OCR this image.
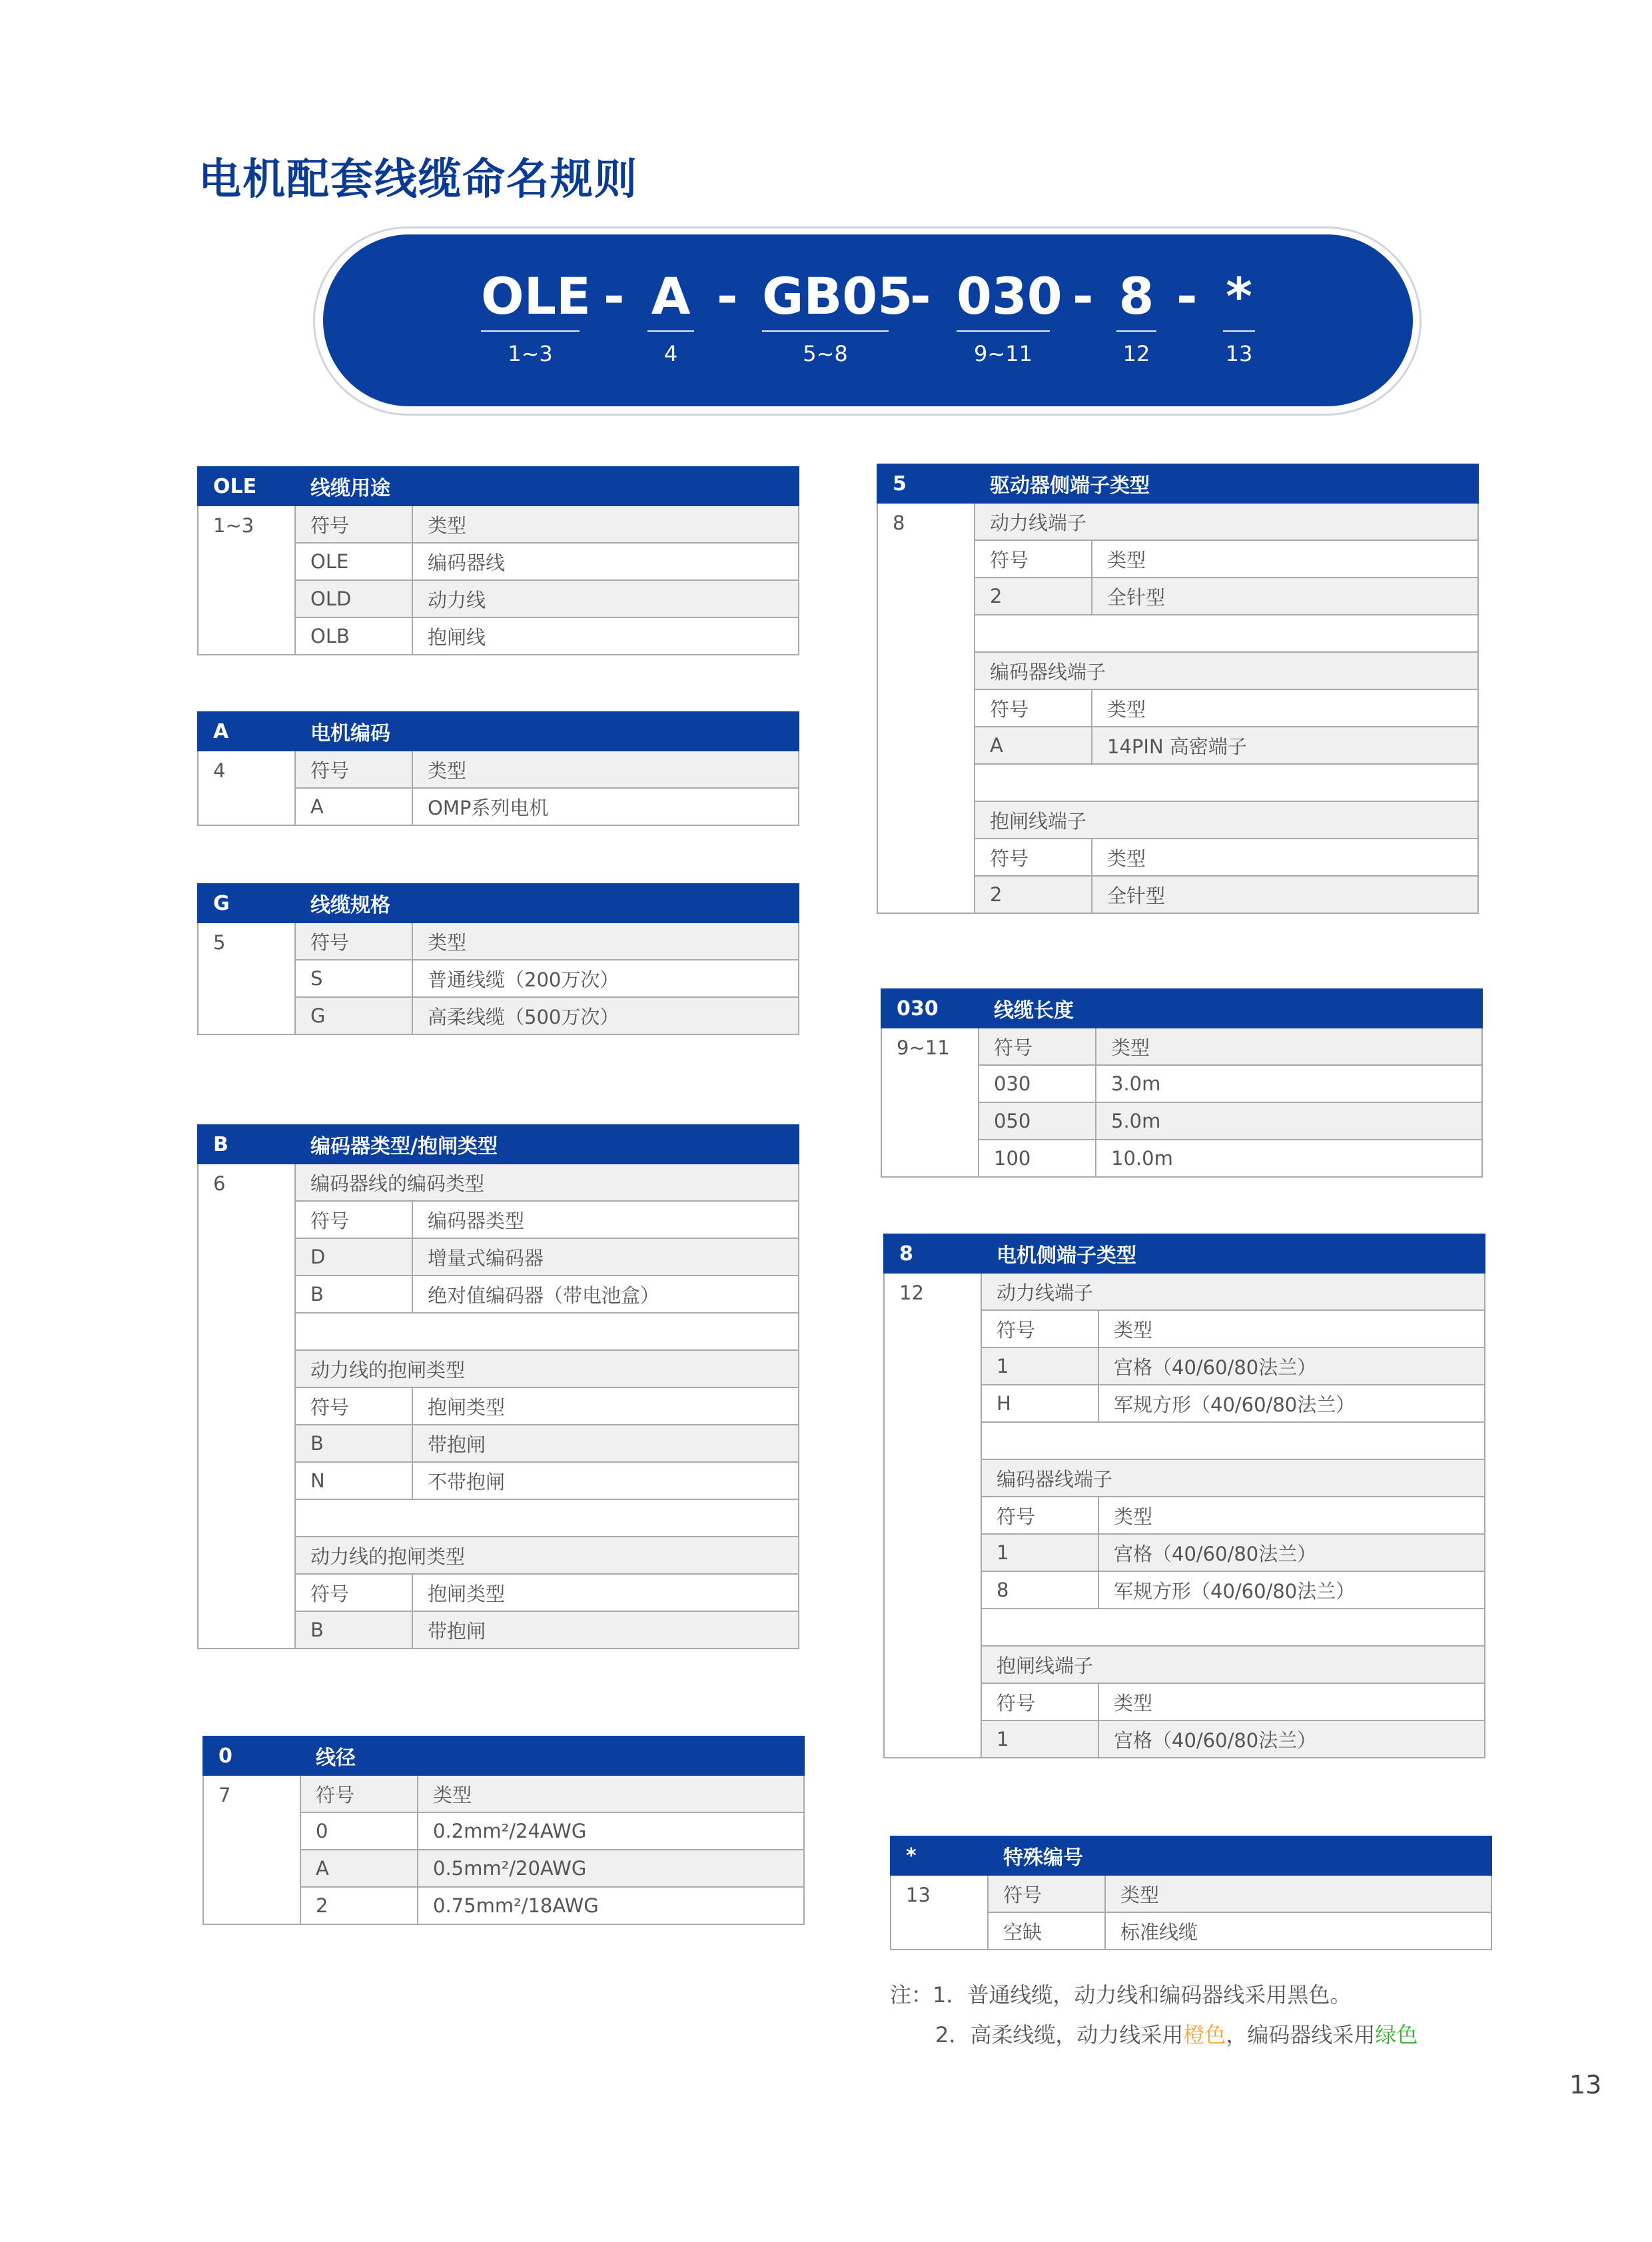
电机配套线缆命名规则
OLE
1~3
- A
4
- GB05
5~8
- 030
9~11
- 8
12
- *
13
OLE	线缆用途	
1~3	符号	类型
	OLE	编码器线
	OLD	动力线
	OLB	抱闸线
A	电机编码	
4	符号	类型
	A	OMP系列电机
G	线缆规格	
5	符号	类型
	S	普通线缆（200万次）
	G	高柔线缆（500万次）
B	编码器类型/抱闸类型	
6	编码器线的编码类型	
	符号	编码器类型
	D	增量式编码器
	B	绝对值编码器（带电池盒）

	动力线的抱闸类型	
	符号	抱闸类型
	B	带抱闸
	N	不带抱闸

	动力线的抱闸类型	
	符号	抱闸类型
	B	带抱闸
0	线径	
7	符号	类型
	0	0.2mm²/24AWG
	A	0.5mm²/20AWG
	2	0.75mm²/18AWG
5	驱动器侧端子类型	
8	动力线端子	
	符号	类型
	2	全针型

	编码器线端子	
	符号	类型
	A	14PIN 高密端子

	抱闸线端子	
	符号	类型
	2	全针型
030	线缆长度	
9~11	符号	类型
	030	3.0m
	050	5.0m
	100	10.0m
8	电机侧端子类型	
12	动力线端子	
	符号	类型
	1	宫格（40/60/80法兰）
	H	军规方形（40/60/80法兰）

	编码器线端子	
	符号	类型
	1	宫格（40/60/80法兰）
	8	军规方形（40/60/80法兰）

	抱闸线端子	
	符号	类型
	1	宫格（40/60/80法兰）
*	特殊编号	
13	符号	类型
	空缺	标准线缆
注：1．普通线缆，动力线和编码器线采用黑色。
2．高柔线缆，动力线采用橙色，编码器线采用绿色
13
